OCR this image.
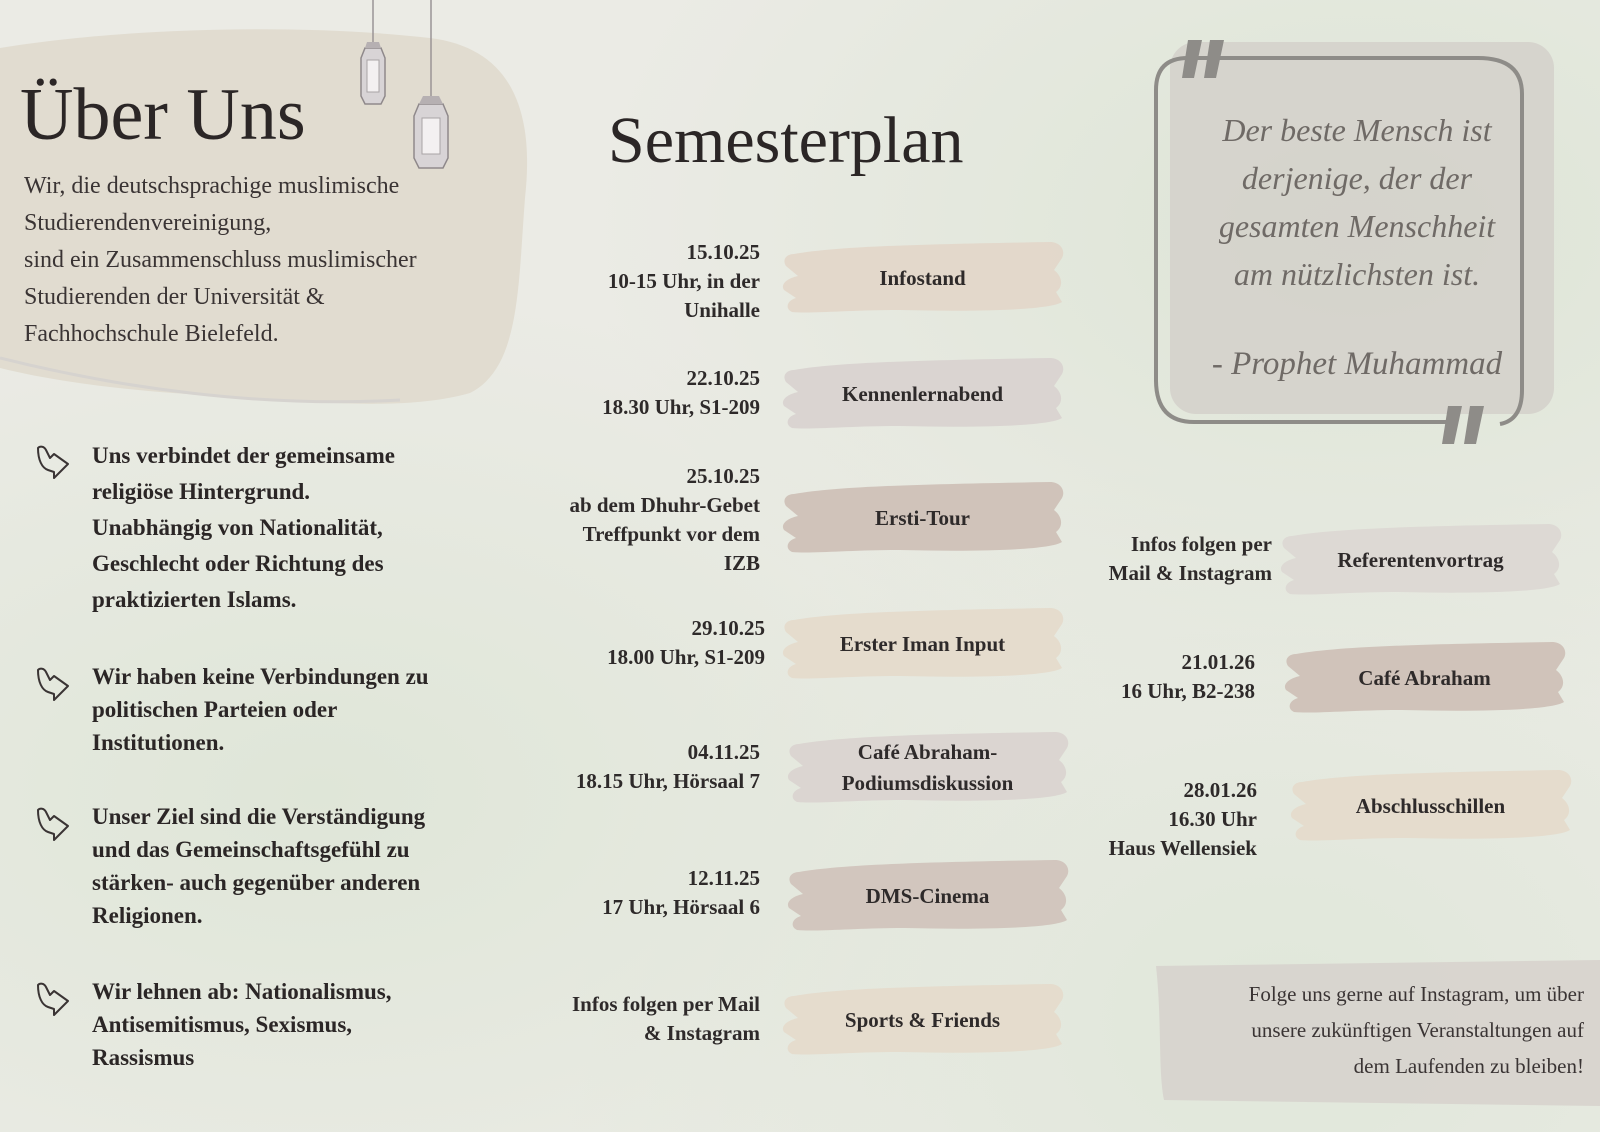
Über Uns
Wir, die deutschsprachige muslimische
Studierendenvereinigung,
sind ein Zusammenschluss muslimischer
Studierenden der Universität &
Fachhochschule Bielefeld.
Uns verbindet der gemeinsame
religiöse Hintergrund.
Unabhängig von Nationalität,
Geschlecht oder Richtung des
praktizierten Islams.
Wir haben keine Verbindungen zu
politischen Parteien oder
Institutionen.
Unser Ziel sind die Verständigung
und das Gemeinschaftsgefühl zu
stärken- auch gegenüber anderen
Religionen.
Wir lehnen ab: Nationalismus,
Antisemitismus, Sexismus,
Rassismus
Semesterplan
15.10.25
10-15 Uhr, in der
Unihalle
Infostand
22.10.25
18.30 Uhr, S1-209
Kennenlernabend
25.10.25
ab dem Dhuhr-Gebet
Treffpunkt vor dem
IZB
Ersti-Tour
29.10.25
18.00 Uhr, S1-209
Erster Iman Input
04.11.25
18.15 Uhr, Hörsaal 7
Café Abraham-
Podiumsdiskussion
12.11.25
17 Uhr, Hörsaal 6	DMS-Cinema
Infos folgen per Mail
& Instagram
Sports & Friends
Infos folgen per
Mail & Instagram
Referentenvortrag
21.01.26
16 Uhr, B2-238
Café Abraham
28.01.26
16.30 Uhr
Haus Wellensiek
Abschlusschillen
Der beste Mensch ist
derjenige, der der
gesamten Menschheit
am nützlichsten ist.
- Prophet Muhammad
Folge uns gerne auf Instagram, um über
unsere zukünftigen Veranstaltungen auf
dem Laufenden zu bleiben!
